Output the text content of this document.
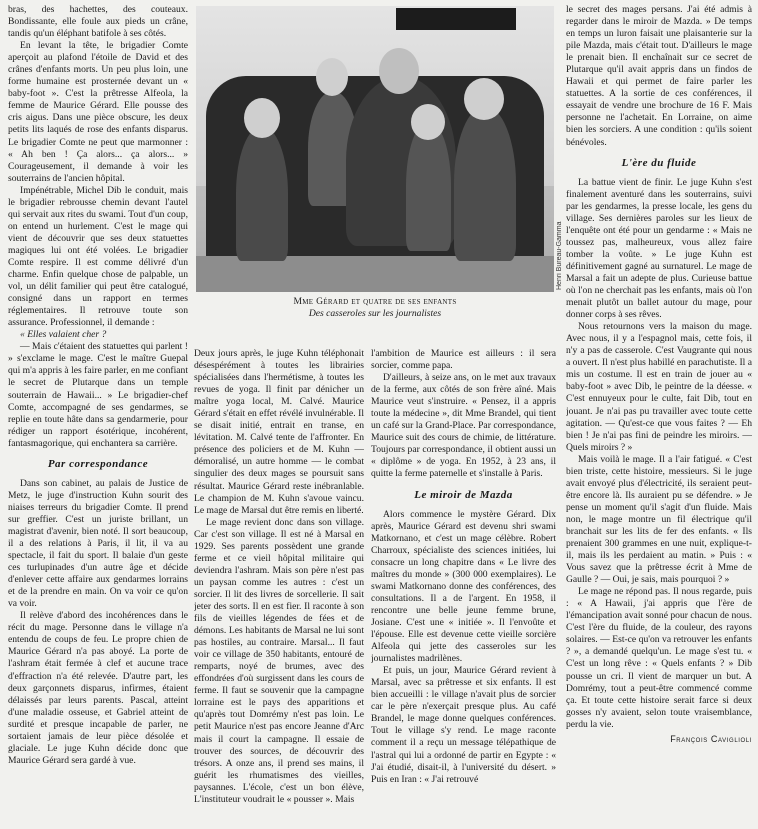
bras, des hachettes, des couteaux. Bondissante, elle foule aux pieds un crâne, tandis qu'un éléphant batifole à ses côtés.

En levant la tête, le brigadier Comte aperçoit au plafond l'étoile de David et des crânes d'enfants morts. Un peu plus loin, une forme humaine est prosternée devant un « baby-foot ». C'est la prêtresse Alfeola, la femme de Maurice Gérard. Elle pousse des cris aigus. Dans une pièce obscure, les deux petits lits laqués de rose des enfants disparus. Le brigadier Comte ne peut que marmonner : « Ah ben ! Ça alors... ça alors... » Courageusement, il demande à voir les souterrains de l'ancien hôpital.

Impénétrable, Michel Dib le conduit, mais le brigadier rebrousse chemin devant l'autel qui servait aux rites du swami. Tout d'un coup, on entend un hurlement. C'est le mage qui vient de découvrir que ses deux statuettes magiques lui ont été volées. Le brigadier Comte respire. Il est comme délivré d'un charme. Enfin quelque chose de palpable, un vol, un délit familier qui peut être catalogué, consigné dans un rapport en termes réglementaires. Il retrouve toute son assurance. Professionnel, il demande :

« Elles valaient cher ?

— Mais c'étaient des statuettes qui parlent ! » s'exclame le mage. C'est le maître Guepal qui m'a appris à les faire parler, en me confiant le secret de Plutarque dans un temple souterrain de Hawaii... » Le brigadier-chef Comte, accompagné de ses gendarmes, se replie en toute hâte dans sa gendarmerie, pour rédiger un rapport ésotérique, incohérent, fantasmagorique, qui enchantera sa carrière.

Par correspondance

Dans son cabinet, au palais de Justice de Metz, le juge d'instruction Kuhn sourit des niaises terreurs du brigadier Comte. Il prend sur greffier. C'est un juriste brillant, un magistrat d'avenir, bien noté. Il sort beaucoup, il a des relations à Paris, il lit, il va au spectacle, il fait du sport. Il balaie d'un geste ces turlupinades d'un autre âge et décide d'enlever cette affaire aux gendarmes lorrains et de la prendre en main. On va voir ce qu'on va voir.

Il relève d'abord des incohérences dans le récit du mage. Personne dans le village n'a entendu de coups de feu. Le propre chien de Maurice Gérard n'a pas aboyé. La porte de l'ashram était fermée à clef et aucune trace d'effraction n'a été relevée. D'autre part, les deux garçonnets disparus, infirmes, étaient délaissés par leurs parents. Pascal, atteint d'une maladie osseuse, et Gabriel atteint de surdité et presque incapable de parler, ne sortaient jamais de leur pièce désolée et glaciale. Le juge Kuhn décide donc que Maurice Gérard sera gardé à vue.

Henri Bureau-Gamma
Mme Gérard et quatre de ses enfants
Des casseroles sur les journalistes

Deux jours après, le juge Kuhn téléphonait désespérément à toutes les librairies spécialisées dans l'hermétisme, à toutes les revues de yoga. Il finit par dénicher un maître yoga local, M. Calvé. Maurice Gérard s'était en effet révélé invulnérable. Il se disait initié, entrait en transe, en lévitation. M. Calvé tente de l'affronter. En présence des policiers et de M. Kuhn — démoralisé, un autre homme — le combat singulier des deux mages se poursuit sans résultat. Maurice Gérard reste inébranlable. Le champion de M. Kuhn s'avoue vaincu. Le mage de Marsal dut être remis en liberté.

Le mage revient donc dans son village. Car c'est son village. Il est né à Marsal en 1929. Ses parents possèdent une grande ferme et ce vieil hôpital militaire qui deviendra l'ashram. Mais son père n'est pas un paysan comme les autres : c'est un sorcier. Il lit des livres de sorcellerie. Il sait jeter des sorts. Il en est fier. Il raconte à son fils de vieilles légendes de fées et de démons. Les habitants de Marsal ne lui sont pas hostiles, au contraire. Marsal... Il faut voir ce village de 350 habitants, entouré de remparts, noyé de brumes, avec des effondrées d'où surgissent dans les cours de ferme. Il faut se souvenir que la campagne lorraine est le pays des apparitions et qu'après tout Domrémy n'est pas loin. Le petit Maurice n'est pas encore Jeanne d'Arc mais il court la campagne. Il essaie de trouver des sources, de découvrir des trésors. A onze ans, il prend ses mains, il guérit les rhumatismes des vieilles, paysannes. L'école, c'est un bon élève, L'instituteur voudrait le « pousser ». Mais

l'ambition de Maurice est ailleurs : il sera sorcier, comme papa.

D'ailleurs, à seize ans, on le met aux travaux de la ferme, aux côtés de son frère aîné. Mais Maurice veut s'instruire. « Pensez, il a appris toute la médecine », dit Mme Brandel, qui tient un café sur la Grand-Place. Par correspondance, Maurice suit des cours de chimie, de littérature. Toujours par correspondance, il obtient aussi un « diplôme » de yoga. En 1952, à 23 ans, il quitte la ferme paternelle et s'installe à Paris.

Le miroir de Mazda

Alors commence le mystère Gérard. Dix après, Maurice Gérard est devenu shri swami Matkornano, et c'est un mage célèbre. Robert Charroux, spécialiste des sciences initiées, lui consacre un long chapitre dans « Le livre des maîtres du monde » (300 000 exemplaires). Le swami Matkornano donne des conférences, des consultations. Il a de l'argent. En 1958, il rencontre une belle jeune femme brune, Josiane. C'est une « initiée ». Il l'envoûte et l'épouse. Elle est devenue cette vieille sorcière Alfeola qui jette des casseroles sur les journalistes madrilènes.

Et puis, un jour, Maurice Gérard revient à Marsal, avec sa prêtresse et six enfants. Il est bien accueilli : le village n'avait plus de sorcier car le père n'exerçait presque plus. Au café Brandel, le mage donne quelques conférences. Tout le village s'y rend. Le mage raconte comment il a reçu un message télépathique de l'astral qui lui a ordonné de partir en Egypte : « J'ai étudié, disait-il, à l'université du désert. » Puis en Iran : « J'ai retrouvé

le secret des mages persans. J'ai été admis à regarder dans le miroir de Mazda. » De temps en temps un luron faisait une plaisanterie sur la pile Mazda, mais c'était tout. D'ailleurs le mage le prenait bien. Il enchaînait sur ce secret de Plutarque qu'il avait appris dans un findos de Hawaii et qui permet de faire parler les statuettes. A la sortie de ces conférences, il essayait de vendre une brochure de 16 F. Mais personne ne l'achetait. En Lorraine, on aime bien les sorciers. A une condition : qu'ils soient bénévoles.

L'ère du fluide

La battue vient de finir. Le juge Kuhn s'est finalement aventuré dans les souterrains, suivi par les gendarmes, la presse locale, les gens du village. Ses dernières paroles sur les lieux de l'enquête ont été pour un gendarme : « Mais ne toussez pas, malheureux, vous allez faire tomber la voûte. » Le juge Kuhn est définitivement gagné au surnaturel. Le mage de Marsal a fait un adepte de plus. Curieuse battue où l'on ne cherchait pas les enfants, mais où l'on menait plutôt un ballet autour du mage, pour donner corps à ses rêves.

Nous retournons vers la maison du mage. Avec nous, il y a l'espagnol mais, cette fois, il n'y a pas de casserole. C'est Vaugrante qui nous a ouvert. Il n'est plus habillé en parachutiste. Il a mis un costume. Il est en train de jouer au « baby-foot » avec Dib, le peintre de la déesse. « C'est ennuyeux pour le culte, fait Dib, tout en jouant. Je n'ai pas pu travailler avec toute cette agitation. — Qu'est-ce que vous faites ? — Eh bien ! Je n'ai pas fini de peindre les miroirs. — Quels miroirs ? »

Mais voilà le mage. Il a l'air fatigué. « C'est bien triste, cette histoire, messieurs. Si le juge avait envoyé plus d'électricité, ils seraient peut-être encore là. Ils auraient pu se défendre. » Je pense un moment qu'il s'agit d'un fluide. Mais non, le mage montre un fil électrique qu'il branchait sur les lits de fer des enfants. « Ils prenaient 300 grammes en une nuit, explique-t-il, mais ils les perdaient au matin. » Puis : « Vous savez que la prêtresse écrit à Mme de Gaulle ? — Oui, je sais, mais pourquoi ? »

Le mage ne répond pas. Il nous regarde, puis : « A Hawaii, j'ai appris que l'ère de l'émancipation avait sonné pour chacun de nous. C'est l'ère du fluide, de la couleur, des rayons solaires. — Est-ce qu'on va retrouver les enfants ? », a demandé quelqu'un. Le mage s'est tu. « C'est un long rêve : « Quels enfants ? » Dib pousse un cri. Il vient de marquer un but. A Domrémy, tout a peut-être commencé comme ça. Et toute cette histoire serait farce si deux gosses n'y avaient, selon toute vraisemblance, perdu la vie.

François Caviglioli
